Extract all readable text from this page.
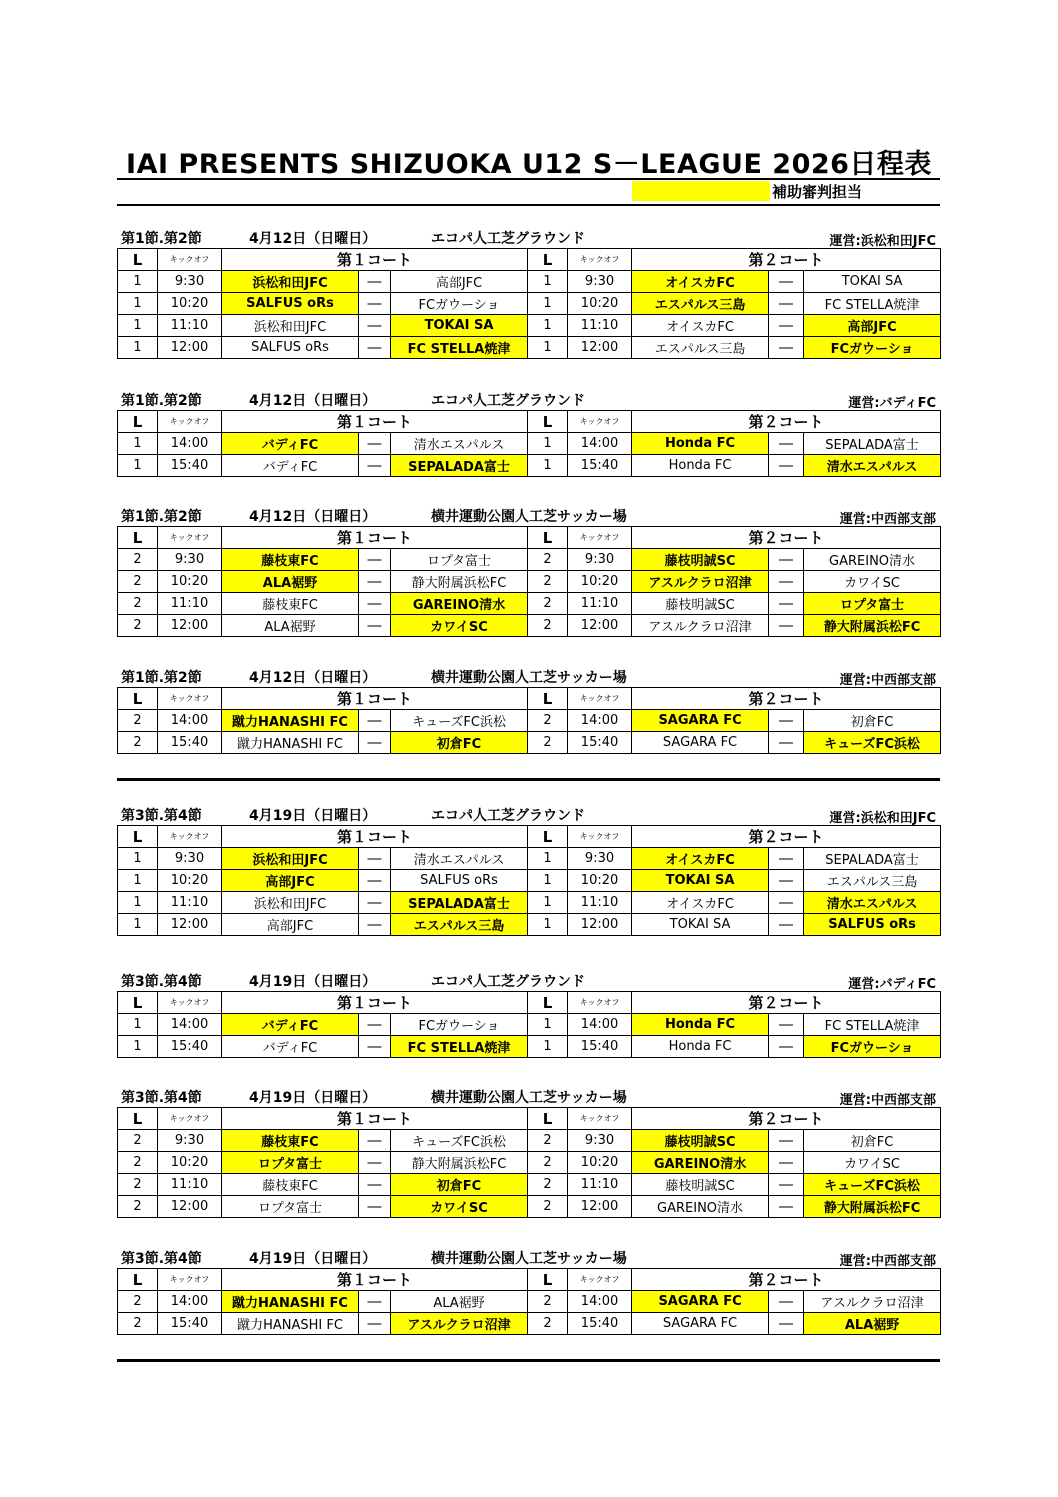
IAI PRESENTS SHIZUOKA U12 S－LEAGUE 2026日程表
補助審判担当
第1節.第2節	4月12日（日曜日）	エコパ人工芝グラウンド	運営:浜松和田JFC
L	キックオフ	第１コート			L	キックオフ	第２コート		
1	9:30	浜松和田JFC	―	高部JFC	1	9:30	オイスカFC	―	TOKAI SA
1	10:20	SALFUS oRs	―	FCガウーショ	1	10:20	エスパルス三島	―	FC STELLA焼津
1	11:10	浜松和田JFC	―	TOKAI SA	1	11:10	オイスカFC	―	高部JFC
1	12:00	SALFUS oRs	―	FC STELLA焼津	1	12:00	エスパルス三島	―	FCガウーショ
第1節.第2節	4月12日（日曜日）	エコパ人工芝グラウンド	運営:バディFC
L	キックオフ	第１コート			L	キックオフ	第２コート		
1	14:00	バディFC	―	清水エスパルス	1	14:00	Honda FC	―	SEPALADA富士
1	15:40	バディFC	―	SEPALADA富士	1	15:40	Honda FC	―	清水エスパルス
第1節.第2節	4月12日（日曜日）	横井運動公園人工芝サッカー場	運営:中西部支部
L	キックオフ	第１コート			L	キックオフ	第２コート		
2	9:30	藤枝東FC	―	ロプタ富士	2	9:30	藤枝明誠SC	―	GAREINO清水
2	10:20	ALA裾野	―	静大附属浜松FC	2	10:20	アスルクラロ沼津	―	カワイSC
2	11:10	藤枝東FC	―	GAREINO清水	2	11:10	藤枝明誠SC	―	ロプタ富士
2	12:00	ALA裾野	―	カワイSC	2	12:00	アスルクラロ沼津	―	静大附属浜松FC
第1節.第2節	4月12日（日曜日）	横井運動公園人工芝サッカー場	運営:中西部支部
L	キックオフ	第１コート			L	キックオフ	第２コート		
2	14:00	蹴力HANASHI FC	―	キューズFC浜松	2	14:00	SAGARA FC	―	初倉FC
2	15:40	蹴力HANASHI FC	―	初倉FC	2	15:40	SAGARA FC	―	キューズFC浜松
第3節.第4節	4月19日（日曜日）	エコパ人工芝グラウンド	運営:浜松和田JFC
L	キックオフ	第１コート			L	キックオフ	第２コート		
1	9:30	浜松和田JFC	―	清水エスパルス	1	9:30	オイスカFC	―	SEPALADA富士
1	10:20	高部JFC	―	SALFUS oRs	1	10:20	TOKAI SA	―	エスパルス三島
1	11:10	浜松和田JFC	―	SEPALADA富士	1	11:10	オイスカFC	―	清水エスパルス
1	12:00	高部JFC	―	エスパルス三島	1	12:00	TOKAI SA	―	SALFUS oRs
第3節.第4節	4月19日（日曜日）	エコパ人工芝グラウンド	運営:バディFC
L	キックオフ	第１コート			L	キックオフ	第２コート		
1	14:00	バディFC	―	FCガウーショ	1	14:00	Honda FC	―	FC STELLA焼津
1	15:40	バディFC	―	FC STELLA焼津	1	15:40	Honda FC	―	FCガウーショ
第3節.第4節	4月19日（日曜日）	横井運動公園人工芝サッカー場	運営:中西部支部
L	キックオフ	第１コート			L	キックオフ	第２コート		
2	9:30	藤枝東FC	―	キューズFC浜松	2	9:30	藤枝明誠SC	―	初倉FC
2	10:20	ロプタ富士	―	静大附属浜松FC	2	10:20	GAREINO清水	―	カワイSC
2	11:10	藤枝東FC	―	初倉FC	2	11:10	藤枝明誠SC	―	キューズFC浜松
2	12:00	ロプタ富士	―	カワイSC	2	12:00	GAREINO清水	―	静大附属浜松FC
第3節.第4節	4月19日（日曜日）	横井運動公園人工芝サッカー場	運営:中西部支部
L	キックオフ	第１コート			L	キックオフ	第２コート		
2	14:00	蹴力HANASHI FC	―	ALA裾野	2	14:00	SAGARA FC	―	アスルクラロ沼津
2	15:40	蹴力HANASHI FC	―	アスルクラロ沼津	2	15:40	SAGARA FC	―	ALA裾野
